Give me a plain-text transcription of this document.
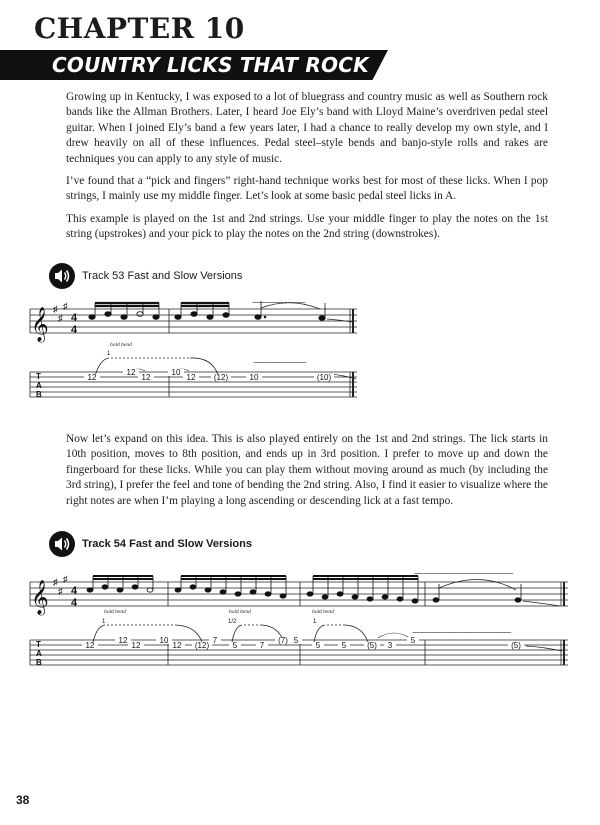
CHAPTER 10
COUNTRY LICKS THAT ROCK

Growing up in Kentucky, I was exposed to a lot of bluegrass and country music as well as Southern rock bands like the Allman Brothers. Later, I heard Joe Ely’s band with Lloyd Maine’s overdriven pedal steel guitar. When I joined Ely’s band a few years later, I had a chance to really develop my own style, and I drew heavily on all of these influences. Pedal steel–style bends and banjo-style rolls and rakes are techniques you can apply to any style of music.

I’ve found that a “pick and fingers” right-hand technique works best for most of these licks. When I pop strings, I mainly use my middle finger. Let’s look at some basic pedal steel licks in A.

This example is played on the 1st and 2nd strings. Use your middle finger to play the notes on the 1st string (upstrokes) and your pick to play the notes on the 2nd string (downstrokes).

Track 53 Fast and Slow Versions
𝄞 ♯
♯
♯
4
4
~~~~~~~~~~~~~~~~
hold bend
1
~~~~~~~~~~~~~~~~
T
A
B
12
12
12
10
12 (12)	10	(10)

Now let’s expand on this idea. This is also played entirely on the 1st and 2nd strings. The lick starts in 10th position, moves to 8th position, and ends up in 3rd position. I prefer to move up and down the fingerboard for these licks. While you can play them without moving around as much (by including the 3rd string), I prefer the feel and tone of bending the 2nd string. Also, I find it easier to visualize where the right notes are when I’m playing a long ascending or descending lick at a fast tempo.

Track 54 Fast and Slow Versions
𝄞 ♯
♯
♯
4
4
~~~~~~~~~~~~~~~~~~~~~~~~~~~~~~
hold bend
1
hold bend
1/2
hold bend
1
~~~~~~~~~~~~~~~~~~~~~~~~~~~~~~
T
A
B
12
12
12
10
12 (12)
7
5	7
(7) 5
5	5	(5) 3
5
(5)
38
